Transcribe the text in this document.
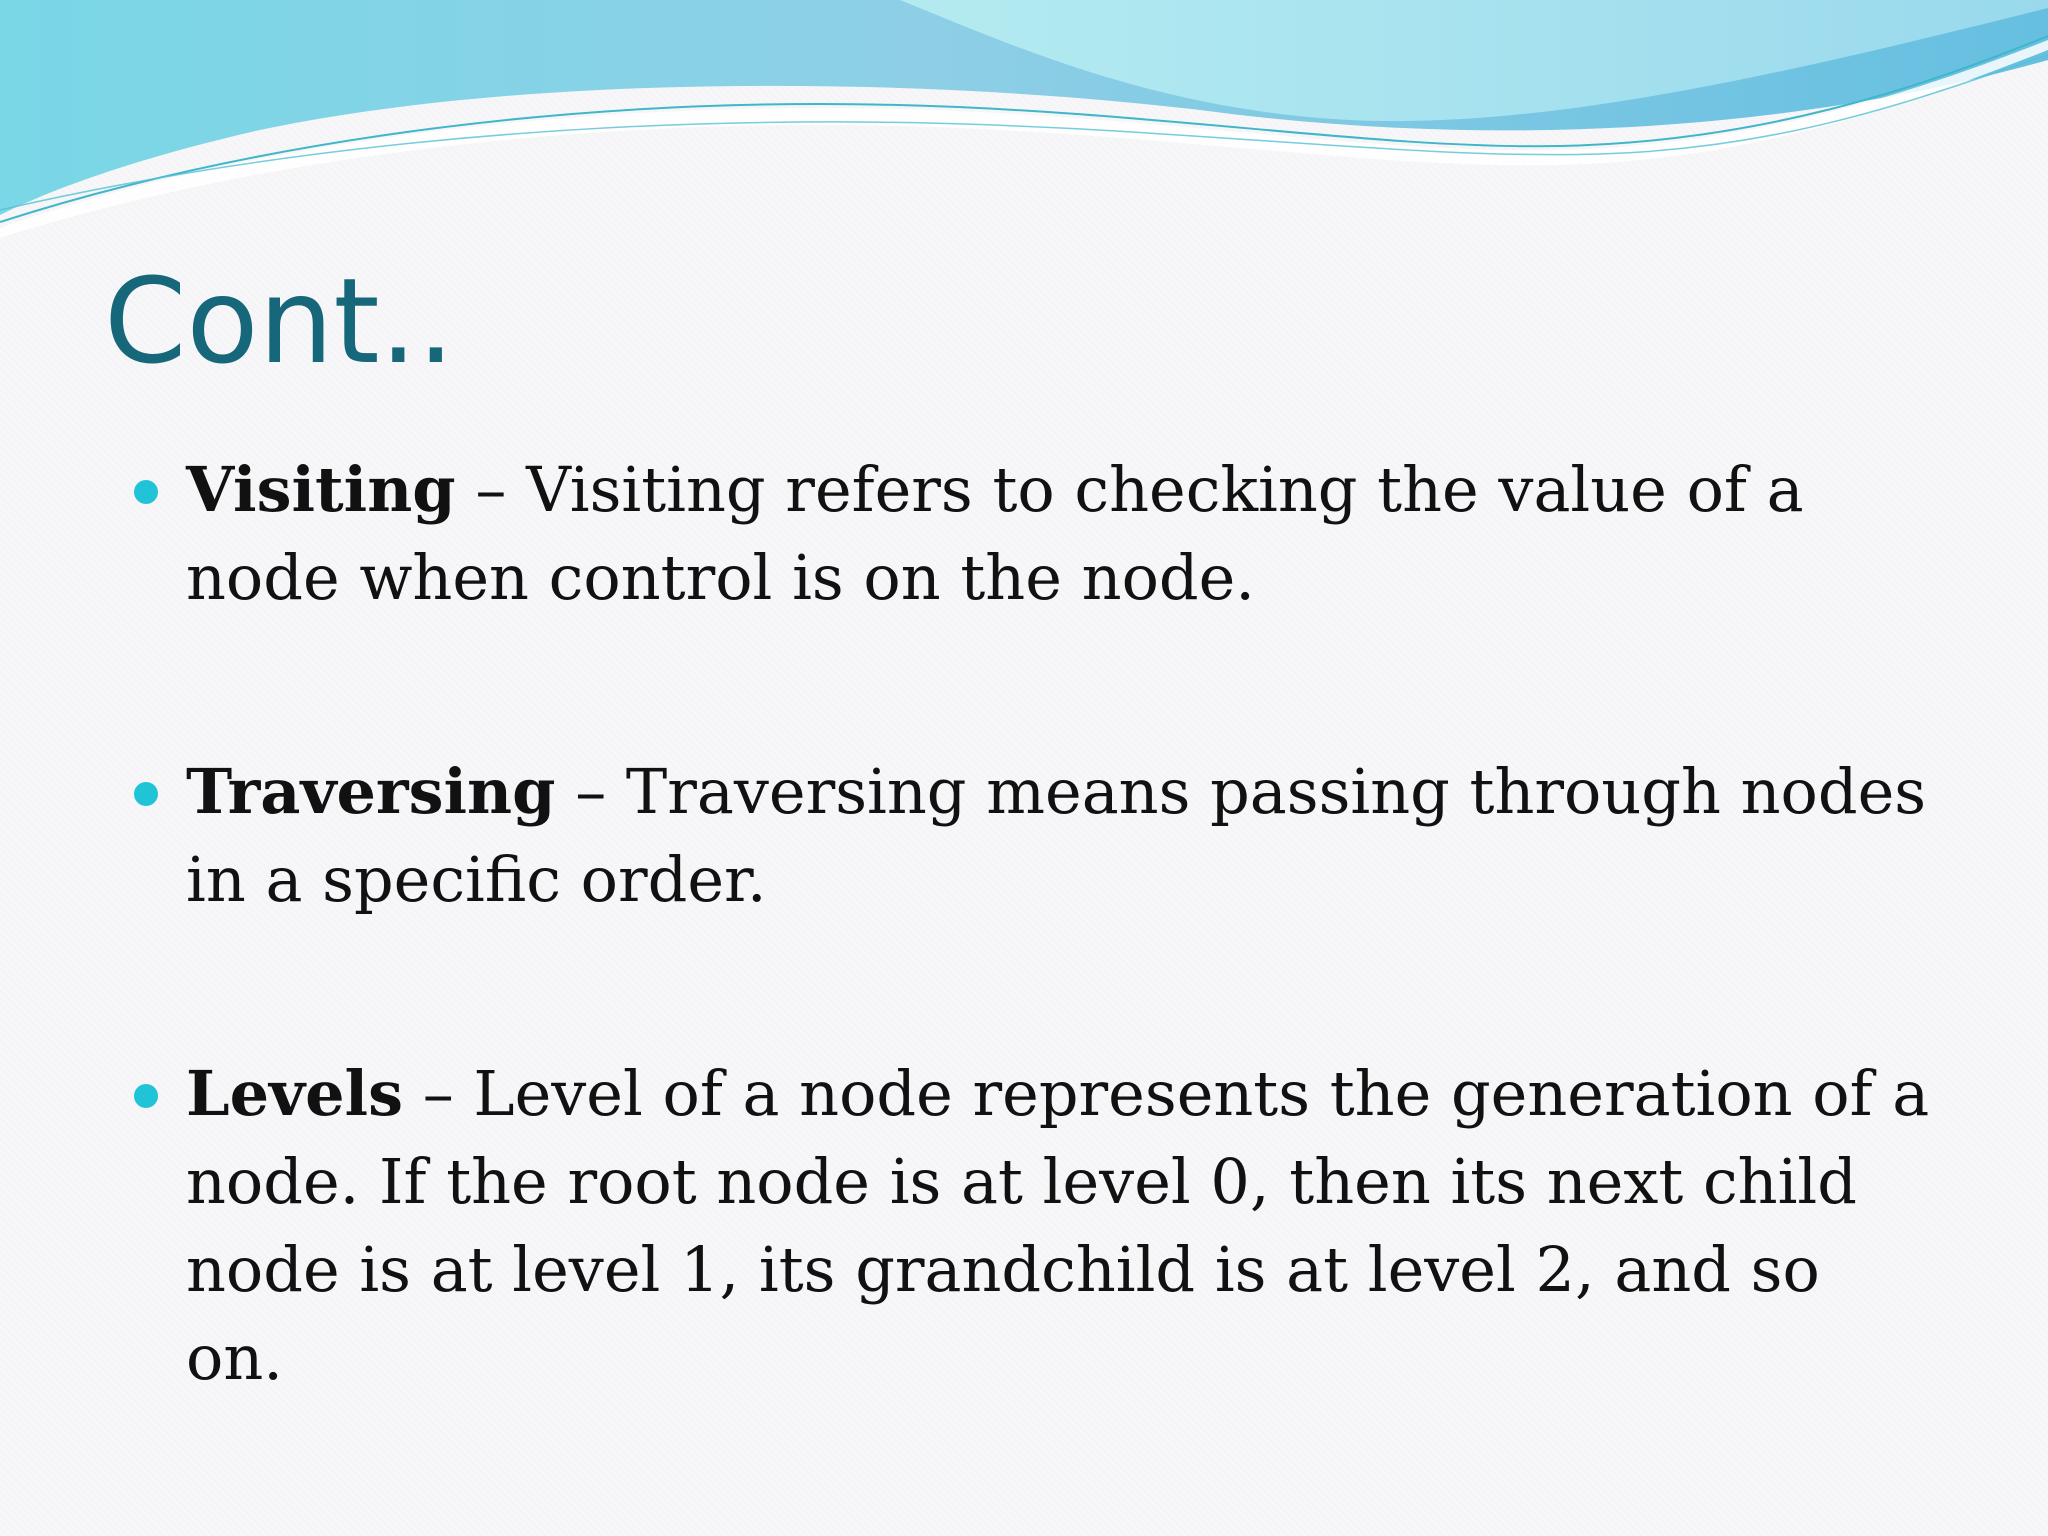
Cont..
Visiting – Visiting refers to checking the value of a node when control is on the node.
Traversing – Traversing means passing through nodes in a specific order.
Levels – Level of a node represents the generation of a node. If the root node is at level 0, then its next child node is at level 1, its grandchild is at level 2, and so on.
